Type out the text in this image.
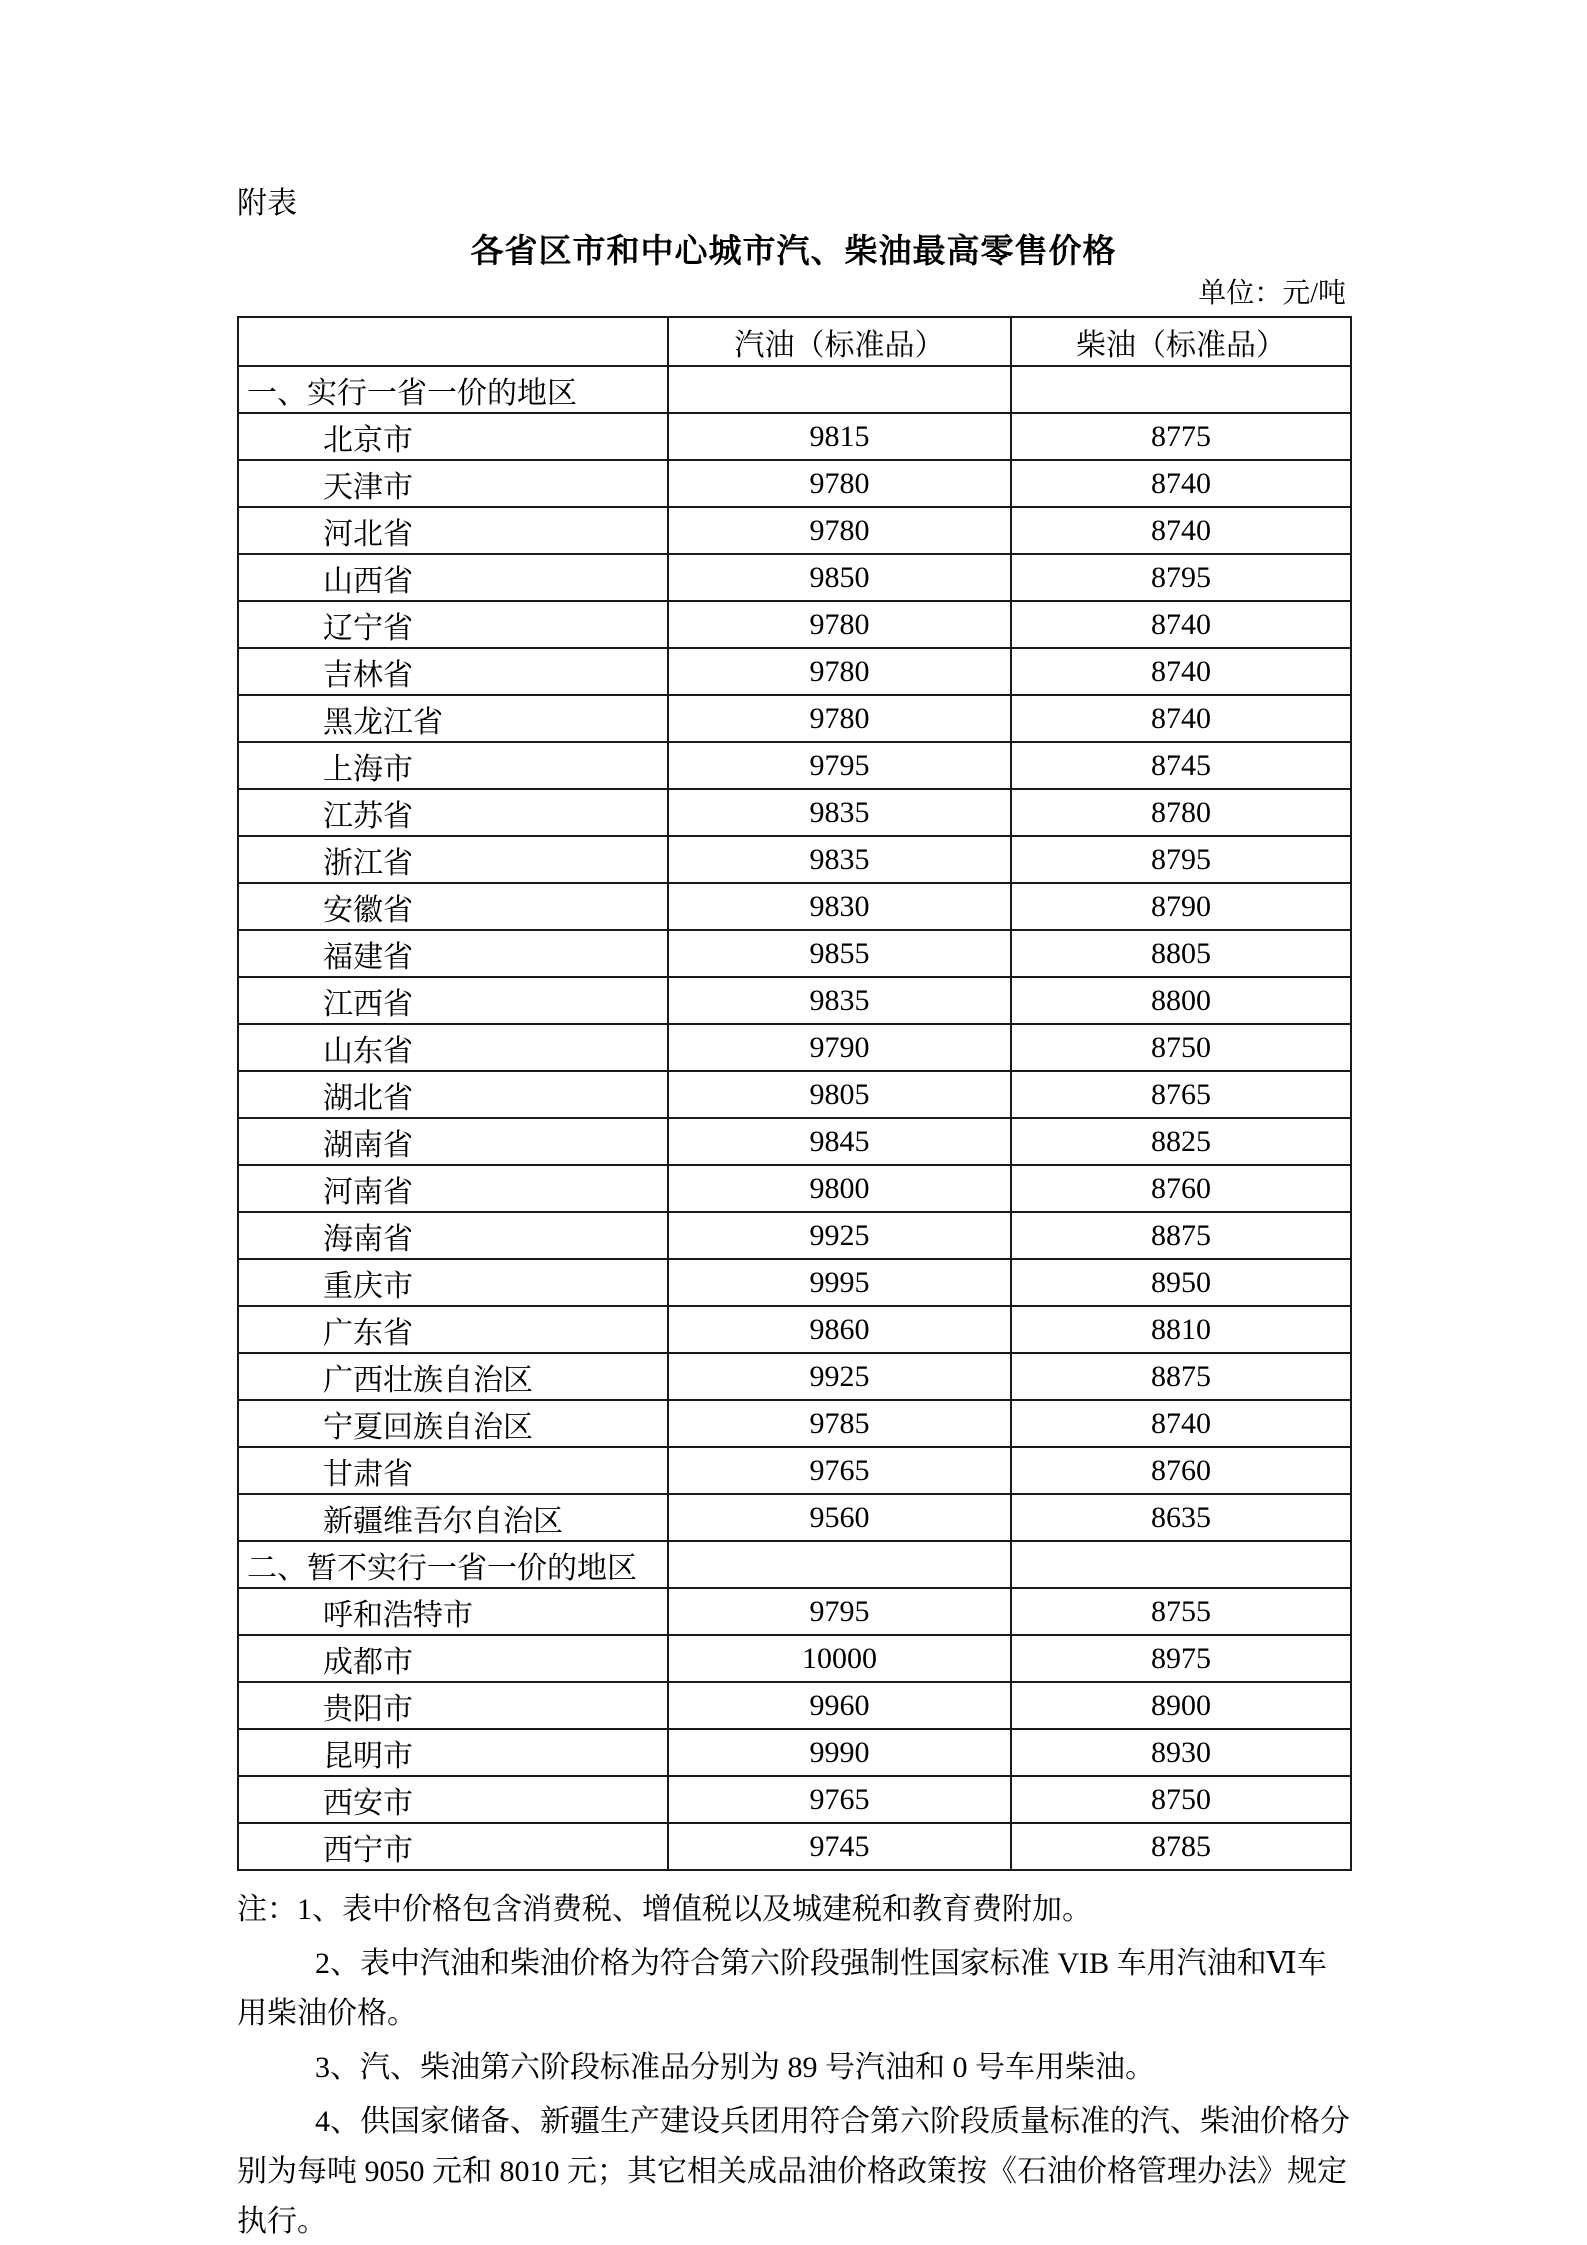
附表
各省区市和中心城市汽、柴油最高零售价格
单位：元/吨
	汽油（标准品）	柴油（标准品）
一、实行一省一价的地区		
北京市	9815	8775
天津市	9780	8740
河北省	9780	8740
山西省	9850	8795
辽宁省	9780	8740
吉林省	9780	8740
黑龙江省	9780	8740
上海市	9795	8745
江苏省	9835	8780
浙江省	9835	8795
安徽省	9830	8790
福建省	9855	8805
江西省	9835	8800
山东省	9790	8750
湖北省	9805	8765
湖南省	9845	8825
河南省	9800	8760
海南省	9925	8875
重庆市	9995	8950
广东省	9860	8810
广西壮族自治区	9925	8875
宁夏回族自治区	9785	8740
甘肃省	9765	8760
新疆维吾尔自治区	9560	8635
二、暂不实行一省一价的地区		
呼和浩特市	9795	8755
成都市	10000	8975
贵阳市	9960	8900
昆明市	9990	8930
西安市	9765	8750
西宁市	9745	8785

注：1、表中价格包含消费税、增值税以及城建税和教育费附加。

2、表中汽油和柴油价格为符合第六阶段强制性国家标准 VIB 车用汽油和Ⅵ车用柴油价格。

3、汽、柴油第六阶段标准品分别为 89 号汽油和 0 号车用柴油。

4、供国家储备、新疆生产建设兵团用符合第六阶段质量标准的汽、柴油价格分别为每吨 9050 元和 8010 元；其它相关成品油价格政策按《石油价格管理办法》规定执行。
